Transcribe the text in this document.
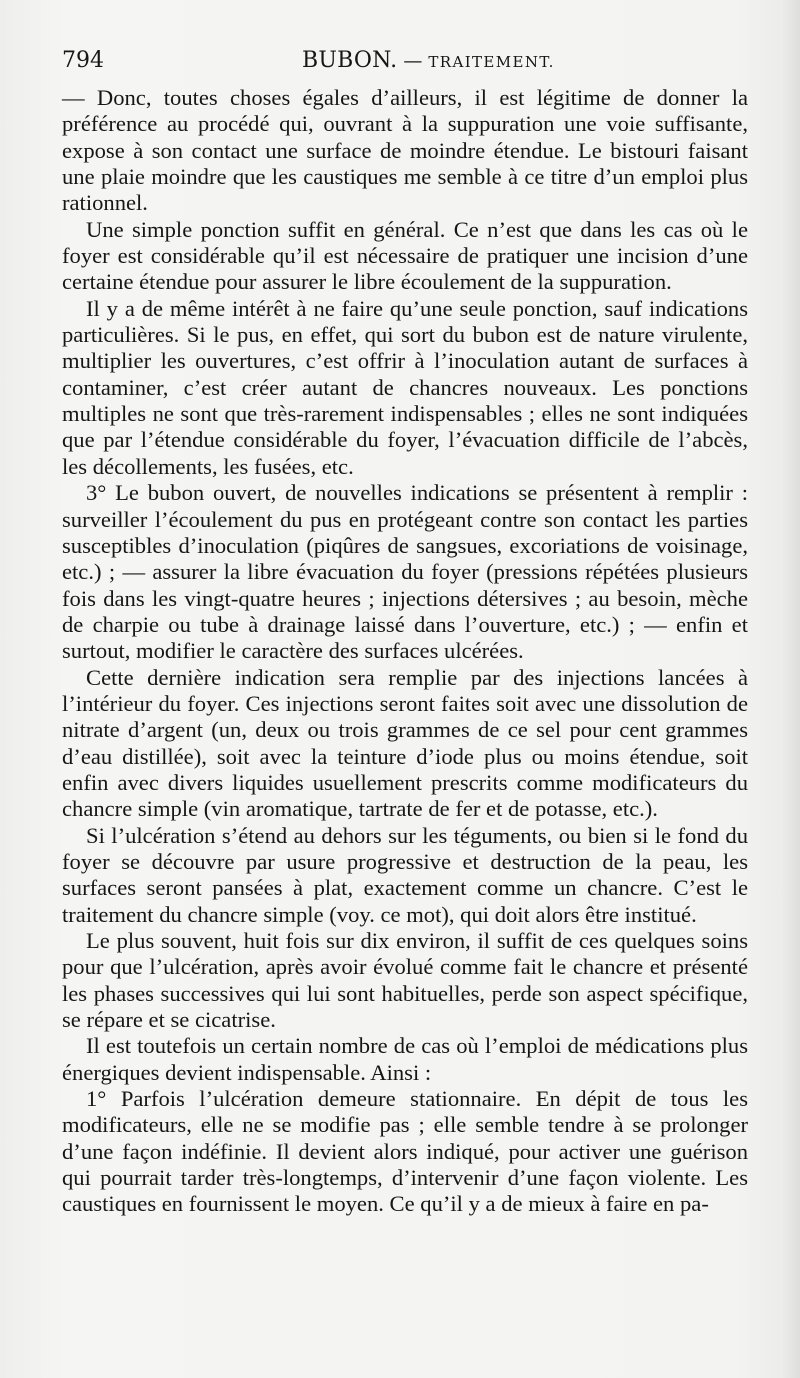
794	BUBON. — TRAITEMENT.

— Donc, toutes choses égales d’ailleurs, il est légitime de donner la préférence au procédé qui, ouvrant à la suppuration une voie suffisante, expose à son contact une surface de moindre étendue. Le bistouri faisant une plaie moindre que les caustiques me semble à ce titre d’un emploi plus rationnel.

Une simple ponction suffit en général. Ce n’est que dans les cas où le foyer est considérable qu’il est nécessaire de pratiquer une incision d’une certaine étendue pour assurer le libre écoulement de la suppuration.

Il y a de même intérêt à ne faire qu’une seule ponction, sauf indications particulières. Si le pus, en effet, qui sort du bubon est de nature virulente, multiplier les ouvertures, c’est offrir à l’inoculation autant de surfaces à contaminer, c’est créer autant de chancres nouveaux. Les ponctions multiples ne sont que très-rarement indispensables ; elles ne sont indiquées que par l’étendue considérable du foyer, l’évacuation difficile de l’abcès, les décollements, les fusées, etc.

3° Le bubon ouvert, de nouvelles indications se présentent à remplir : surveiller l’écoulement du pus en protégeant contre son contact les parties susceptibles d’inoculation (piqûres de sangsues, excoriations de voisinage, etc.) ; — assurer la libre évacuation du foyer (pressions répétées plusieurs fois dans les vingt-quatre heures ; injections détersives ; au besoin, mèche de charpie ou tube à drainage laissé dans l’ouverture, etc.) ; — enfin et surtout, modifier le caractère des surfaces ulcérées.

Cette dernière indication sera remplie par des injections lancées à l’intérieur du foyer. Ces injections seront faites soit avec une dissolution de nitrate d’argent (un, deux ou trois grammes de ce sel pour cent grammes d’eau distillée), soit avec la teinture d’iode plus ou moins étendue, soit enfin avec divers liquides usuellement prescrits comme modificateurs du chancre simple (vin aromatique, tartrate de fer et de potasse, etc.).

Si l’ulcération s’étend au dehors sur les téguments, ou bien si le fond du foyer se découvre par usure progressive et destruction de la peau, les surfaces seront pansées à plat, exactement comme un chancre. C’est le traitement du chancre simple (voy. ce mot), qui doit alors être institué.

Le plus souvent, huit fois sur dix environ, il suffit de ces quelques soins pour que l’ulcération, après avoir évolué comme fait le chancre et présenté les phases successives qui lui sont habituelles, perde son aspect spécifique, se répare et se cicatrise.

Il est toutefois un certain nombre de cas où l’emploi de médications plus énergiques devient indispensable. Ainsi :

1° Parfois l’ulcération demeure stationnaire. En dépit de tous les modificateurs, elle ne se modifie pas ; elle semble tendre à se prolonger d’une façon indéfinie. Il devient alors indiqué, pour activer une guérison qui pourrait tarder très-longtemps, d’intervenir d’une façon violente. Les caustiques en fournissent le moyen. Ce qu’il y a de mieux à faire en pa-
